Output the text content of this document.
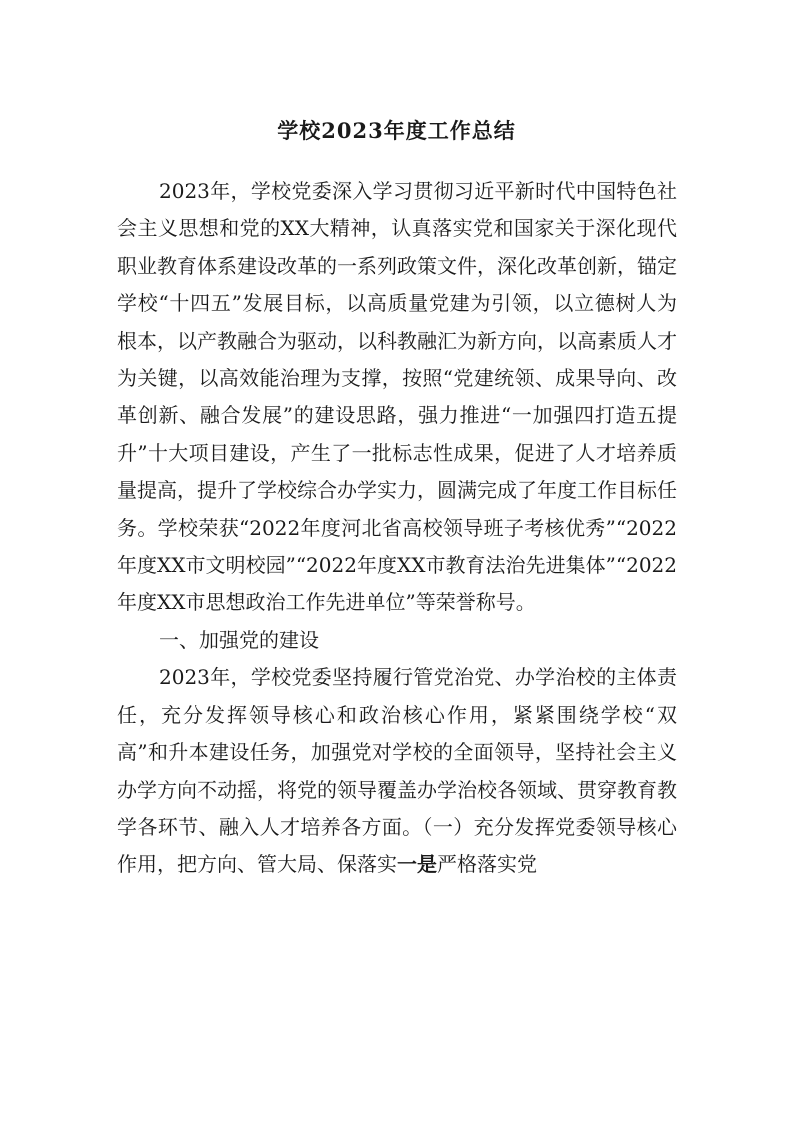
学校2023年度工作总结

2023年，学校党委深入学习贯彻习近平新时代中国特色社会主义思想和党的XX大精神，认真落实党和国家关于深化现代职业教育体系建设改革的一系列政策文件，深化改革创新，锚定学校“十四五”发展目标，以高质量党建为引领，以立德树人为根本，以产教融合为驱动，以科教融汇为新方向，以高素质人才为关键，以高效能治理为支撑，按照“党建统领、成果导向、改革创新、融合发展”的建设思路，强力推进“一加强四打造五提升”十大项目建设，产生了一批标志性成果，促进了人才培养质量提高，提升了学校综合办学实力，圆满完成了年度工作目标任务。学校荣获“2022年度河北省高校领导班子考核优秀”“2022年度XX市文明校园”“2022年度XX市教育法治先进集体”“2022年度XX市思想政治工作先进单位”等荣誉称号。

一、加强党的建设

2023年，学校党委坚持履行管党治党、办学治校的主体责任，充分发挥领导核心和政治核心作用，紧紧围绕学校“双高”和升本建设任务，加强党对学校的全面领导，坚持社会主义办学方向不动摇，将党的领导覆盖办学治校各领域、贯穿教育教学各环节、融入人才培养各方面。（一）充分发挥党委领导核心作用，把方向、管大局、保落实一是严格落实党
